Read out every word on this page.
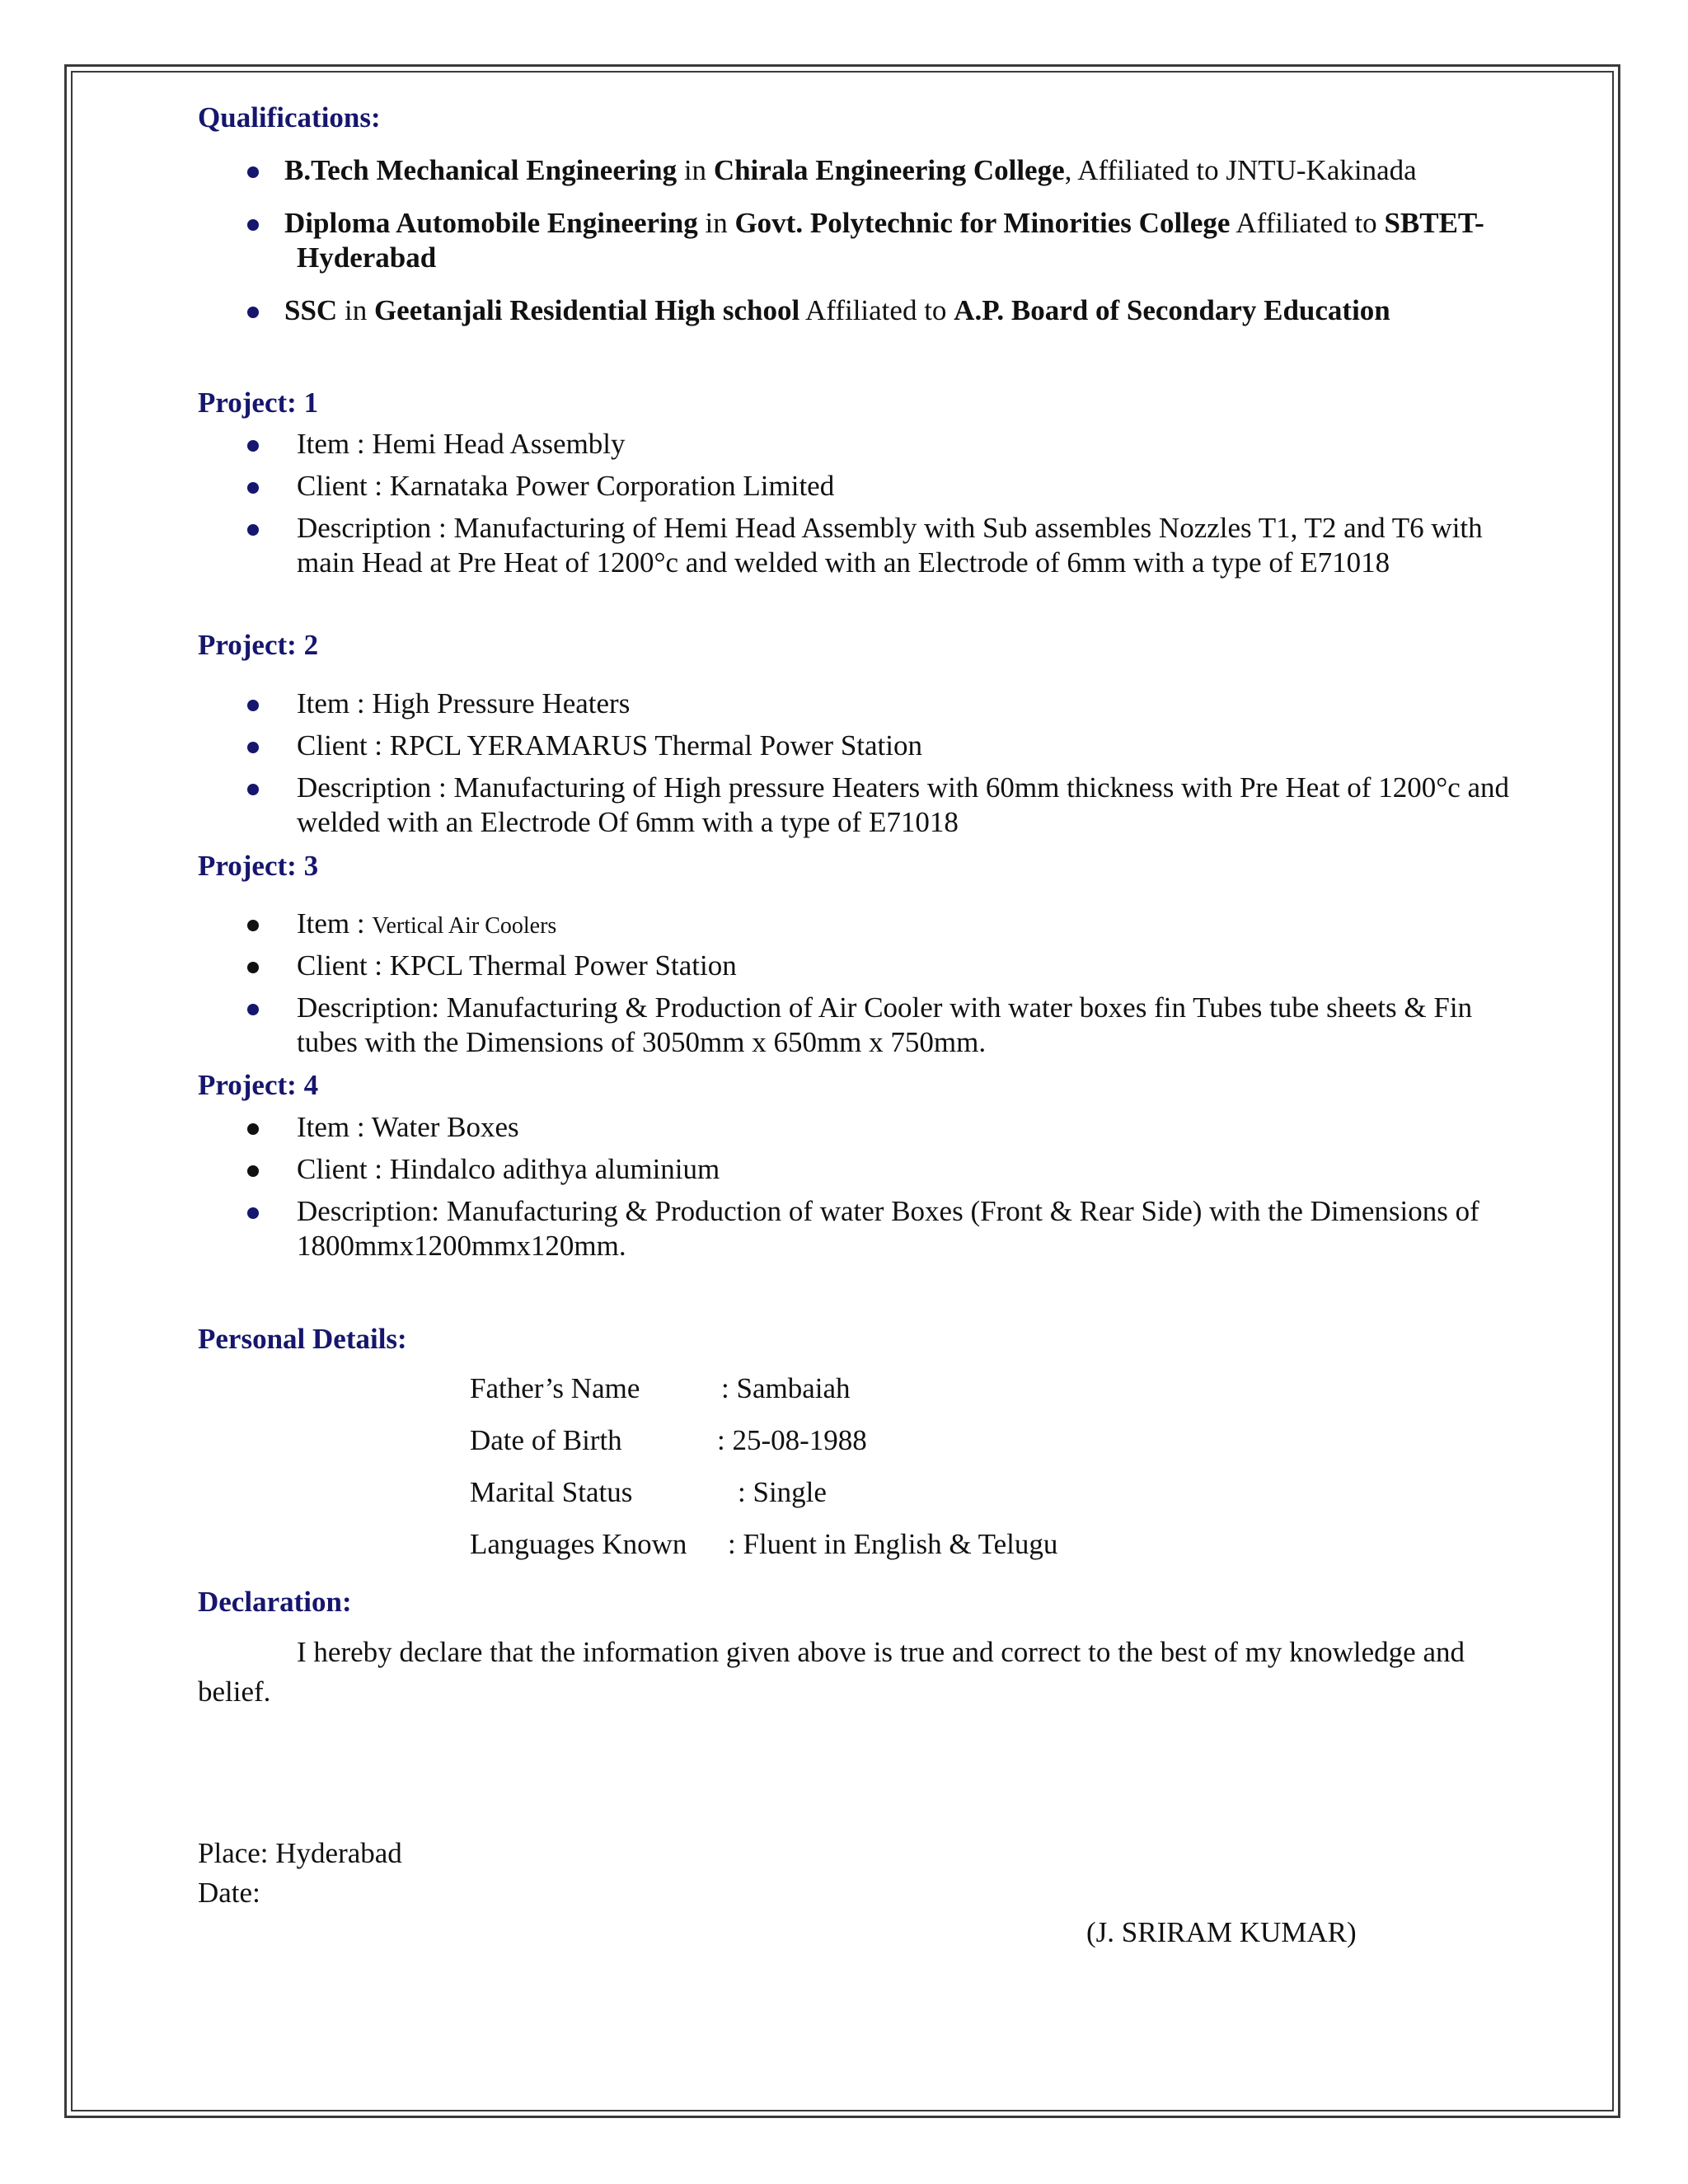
Qualifications:
B.Tech Mechanical Engineering in Chirala Engineering College, Affiliated to JNTU-Kakinada
Diploma Automobile Engineering in Govt. Polytechnic for Minorities College Affiliated to SBTET-
Hyderabad
SSC in Geetanjali Residential High school Affiliated to A.P. Board of Secondary Education
Project: 1
Item : Hemi Head Assembly
Client : Karnataka Power Corporation Limited
Description : Manufacturing of Hemi Head Assembly with Sub assembles Nozzles T1, T2 and T6 with
main Head at Pre Heat of 1200°c and welded with an Electrode of 6mm with a type of E71018
Project: 2
Item : High Pressure Heaters
Client : RPCL YERAMARUS Thermal Power Station
Description : Manufacturing of High pressure Heaters with 60mm thickness with Pre Heat of 1200°c and
welded with an Electrode Of 6mm with a type of E71018
Project: 3
Item : Vertical Air Coolers
Client : KPCL Thermal Power Station
Description: Manufacturing & Production of Air Cooler with water boxes fin Tubes tube sheets & Fin
tubes with the Dimensions of 3050mm x 650mm x 750mm.
Project: 4
Item : Water Boxes
Client : Hindalco adithya aluminium
Description: Manufacturing & Production of water Boxes (Front & Rear Side) with the Dimensions of
1800mmx1200mmx120mm.
Personal Details:
Father’s Name	: Sambaiah
Date of Birth	: 25-08-1988
Marital Status	: Single
Languages Known : Fluent in English & Telugu
Declaration:
I hereby declare that the information given above is true and correct to the best of my knowledge and
belief.
Place: Hyderabad
Date:
(J. SRIRAM KUMAR)
